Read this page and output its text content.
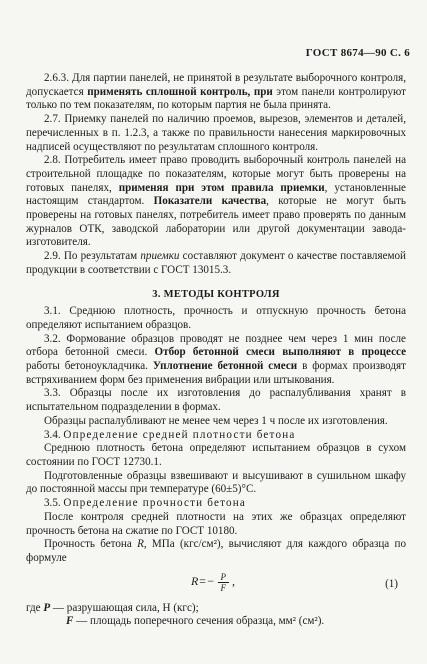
ГОСТ 8674—90 С. 6

2.6.3. Для партии панелей, не принятой в результате выборочного контроля, допускается применять сплошной контроль, при этом панели контролируют только по тем показателям, по которым партия не была принята.

2.7. Приемку панелей по наличию проемов, вырезов, элементов и деталей, перечисленных в п. 1.2.3, а также по правильности нанесения маркировочных надписей осуществляют по результатам сплошного контроля.

2.8. Потребитель имеет право проводить выборочный контроль панелей на строительной площадке по показателям, которые могут быть проверены на готовых панелях, применяя при этом правила приемки, установленные настоящим стандартом. Показатели качества, которые не могут быть проверены на готовых панелях, потребитель имеет право проверять по данным журналов ОТК, заводской лаборатории или другой документации завода-изготовителя.

2.9. По результатам приемки составляют документ о качестве поставляемой продукции в соответствии с ГОСТ 13015.3.

3. МЕТОДЫ КОНТРОЛЯ

3.1. Среднюю плотность, прочность и отпускную прочность бетона определяют испытанием образцов.

3.2. Формование образцов проводят не позднее чем через 1 мин после отбора бетонной смеси. Отбор бетонной смеси выполняют в процессе работы бетоноукладчика. Уплотнение бетонной смеси в формах производят встряхиванием форм без применения вибрации или штыкования.

3.3. Образцы после их изготовления до распалубливания хранят в испытательном подразделении в формах.

Образцы распалубливают не менее чем через 1 ч после их изготовления.

3.4. Определение средней плотности бетона

Среднюю плотность бетона определяют испытанием образцов в сухом состоянии по ГОСТ 12730.1.

Подготовленные образцы взвешивают и высушивают в сушильном шкафу до постоянной массы при температуре (60±5)°С.

3.5. Определение прочности бетона

После контроля средней плотности на этих же образцах определяют прочность бетона на сжатие по ГОСТ 10180.

Прочность бетона R, МПа (кгс/см²), вычисляют для каждого образца по формуле

$R=- \frac{P}{F}$ ,	(1)

где P — разрушающая сила, Н (кгс);

F — площадь поперечного сечения образца, мм² (см²).
